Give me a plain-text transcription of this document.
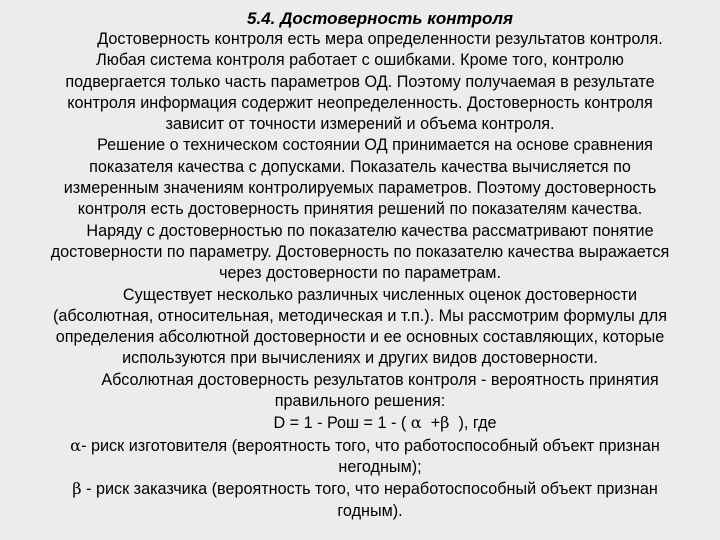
5.4. Достоверность контроля
Достоверность контроля есть мера определенности результатов контроля.
Любая система контроля работает с ошибками. Кроме того, контролю
подвергается только часть параметров ОД. Поэтому получаемая в результате
контроля информация содержит неопределенность. Достоверность контроля
зависит от точности измерений и объема контроля.
Решение о техническом состоянии ОД принимается на основе сравнения
показателя качества с допусками. Показатель качества вычисляется по
измеренным значениям контролируемых параметров. Поэтому достоверность
контроля есть достоверность принятия решений по показателям качества.
Наряду с достоверностью по показателю качества рассматривают понятие
достоверности по параметру. Достоверность по показателю качества выражается
через достоверности по параметрам.
Существует несколько различных численных оценок достоверности
(абсолютная, относительная, методическая и т.п.). Мы рассмотрим формулы для
определения абсолютной достоверности и ее основных составляющих, которые
используются при вычислениях и других видов достоверности.
Абсолютная достоверность результатов контроля - вероятность принятия
правильного решения:
D = 1 - Рош = 1 - ( α +β ), где
α- риск изготовителя (вероятность того, что работоспособный объект признан
негодным);
β - риск заказчика (вероятность того, что неработоспособный объект признан
годным).
